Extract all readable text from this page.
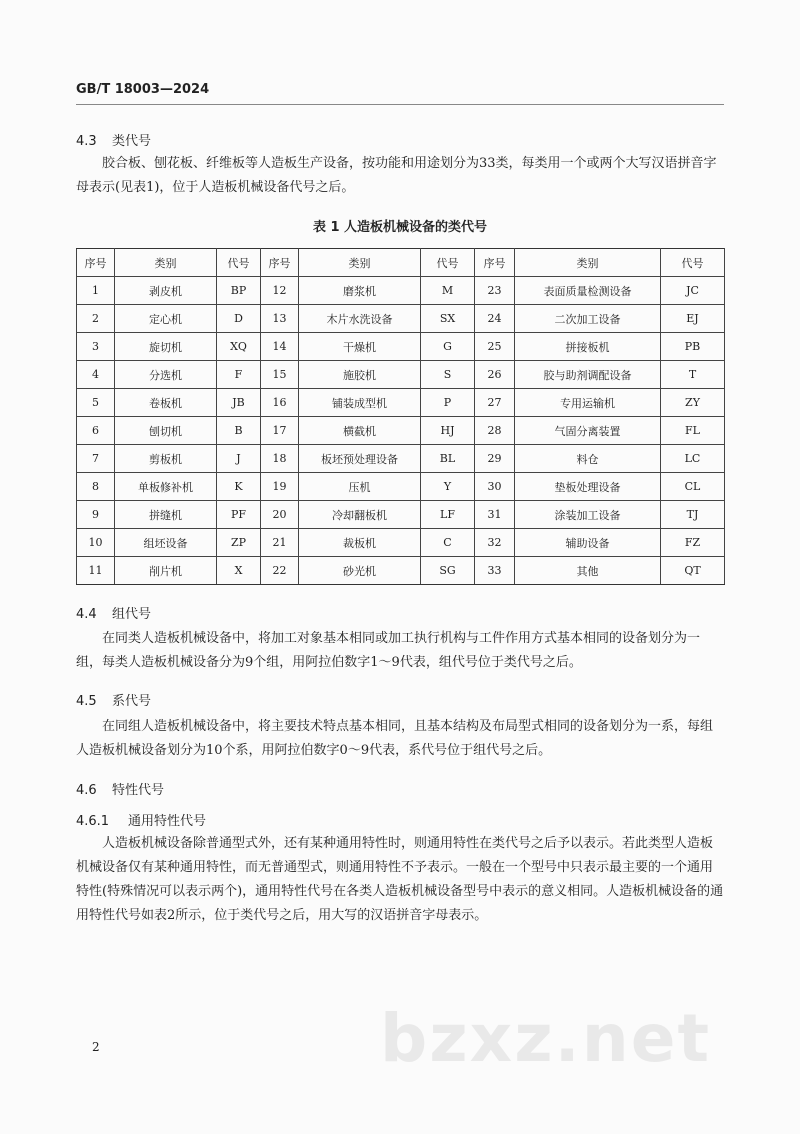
GB/T 18003—2024
4.3 类代号

胶合板、刨花板、纤维板等人造板生产设备，按功能和用途划分为33类，每类用一个或两个大写汉语拼音字母表示(见表1)，位于人造板机械设备代号之后。

表 1 人造板机械设备的类代号
序号	类别	代号	序号	类别	代号	序号	类别	代号
1	剥皮机	BP	12	磨浆机	M	23	表面质量检测设备	JC
2	定心机	D	13	木片水洗设备	SX	24	二次加工设备	EJ
3	旋切机	XQ	14	干燥机	G	25	拼接板机	PB
4	分选机	F	15	施胶机	S	26	胶与助剂调配设备	T
5	卷板机	JB	16	铺装成型机	P	27	专用运输机	ZY
6	刨切机	B	17	横截机	HJ	28	气固分离装置	FL
7	剪板机	J	18	板坯预处理设备	BL	29	料仓	LC
8	单板修补机	K	19	压机	Y	30	垫板处理设备	CL
9	拼缝机	PF	20	冷却翻板机	LF	31	涂装加工设备	TJ
10	组坯设备	ZP	21	裁板机	C	32	辅助设备	FZ
11	削片机	X	22	砂光机	SG	33	其他	QT
4.4 组代号

在同类人造板机械设备中，将加工对象基本相同或加工执行机构与工件作用方式基本相同的设备划分为一组，每类人造板机械设备分为9个组，用阿拉伯数字1～9代表，组代号位于类代号之后。

4.5 系代号

在同组人造板机械设备中，将主要技术特点基本相同，且基本结构及布局型式相同的设备划分为一系，每组人造板机械设备划分为10个系，用阿拉伯数字0～9代表，系代号位于组代号之后。

4.6 特性代号
4.6.1 通用特性代号

人造板机械设备除普通型式外，还有某种通用特性时，则通用特性在类代号之后予以表示。若此类型人造板机械设备仅有某种通用特性，而无普通型式，则通用特性不予表示。一般在一个型号中只表示最主要的一个通用特性(特殊情况可以表示两个)，通用特性代号在各类人造板机械设备型号中表示的意义相同。人造板机械设备的通用特性代号如表2所示，位于类代号之后，用大写的汉语拼音字母表示。

2	bzxz.net
